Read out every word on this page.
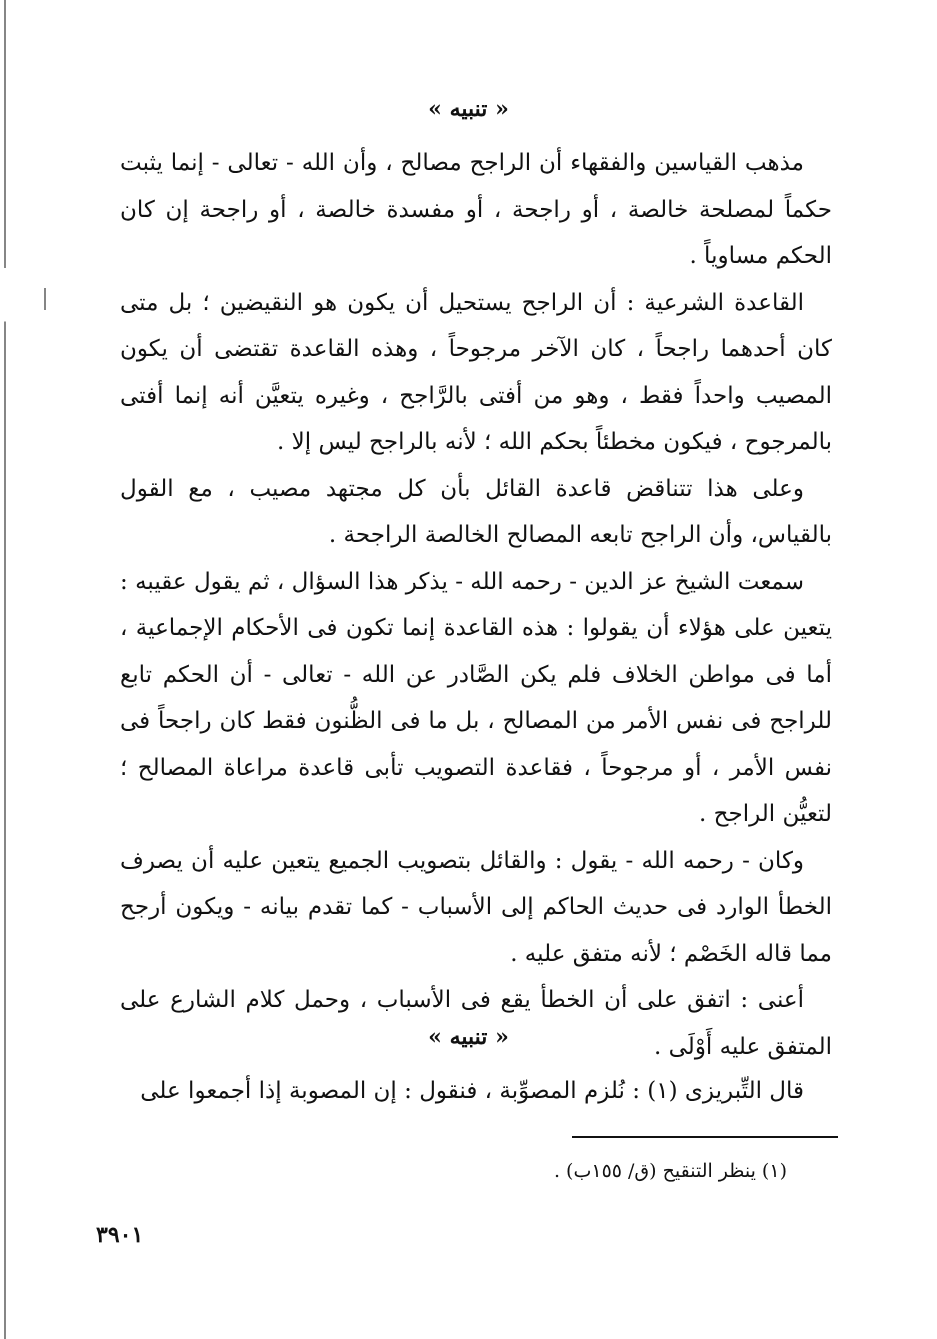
« تنبيه »

مذهب القياسين والفقهاء أن الراجح مصالح ، وأن الله - تعالى - إنما يثبت حكماً لمصلحة خالصة ، أو راجحة ، أو مفسدة خالصة ، أو راجحة إن كان الحكم مساوياً .

القاعدة الشرعية : أن الراجح يستحيل أن يكون هو النقيضين ؛ بل متى كان أحدهما راجحاً ، كان الآخر مرجوحاً ، وهذه القاعدة تقتضى أن يكون المصيب واحداً فقط ، وهو من أفتى بالرَّاجح ، وغيره يتعيَّن أنه إنما أفتى بالمرجوح ، فيكون مخطئاً بحكم الله ؛ لأنه بالراجح ليس إلا .

وعلى هذا تتناقض قاعدة القائل بأن كل مجتهد مصيب ، مع القول بالقياس، وأن الراجح تابعه المصالح الخالصة الراجحة .

سمعت الشيخ عز الدين - رحمه الله - يذكر هذا السؤال ، ثم يقول عقيبه : يتعين على هؤلاء أن يقولوا : هذه القاعدة إنما تكون فى الأحكام الإجماعية ، أما فى مواطن الخلاف فلم يكن الصَّادر عن الله - تعالى - أن الحكم تابع للراجح فى نفس الأمر من المصالح ، بل ما فى الظُّنون فقط كان راجحاً فى نفس الأمر ، أو مرجوحاً ، فقاعدة التصويب تأبى قاعدة مراعاة المصالح ؛ لتعيُّن الراجح .

وكان - رحمه الله - يقول : والقائل بتصويب الجميع يتعين عليه أن يصرف الخطأ الوارد فى حديث الحاكم إلى الأسباب - كما تقدم بيانه - ويكون أرجح مما قاله الخَصْم ؛ لأنه متفق عليه .

أعنى : اتفق على أن الخطأ يقع فى الأسباب ، وحمل كلام الشارع على المتفق عليه أَوْلَى .

« تنبيه »

قال التِّبريزى (١) : نُلزم المصوِّبة ، فنقول : إن المصوبة إذا أجمعوا على

(١) ينظر التنقيح (ق/ ١٥٥ب) .
٣٩٠١
